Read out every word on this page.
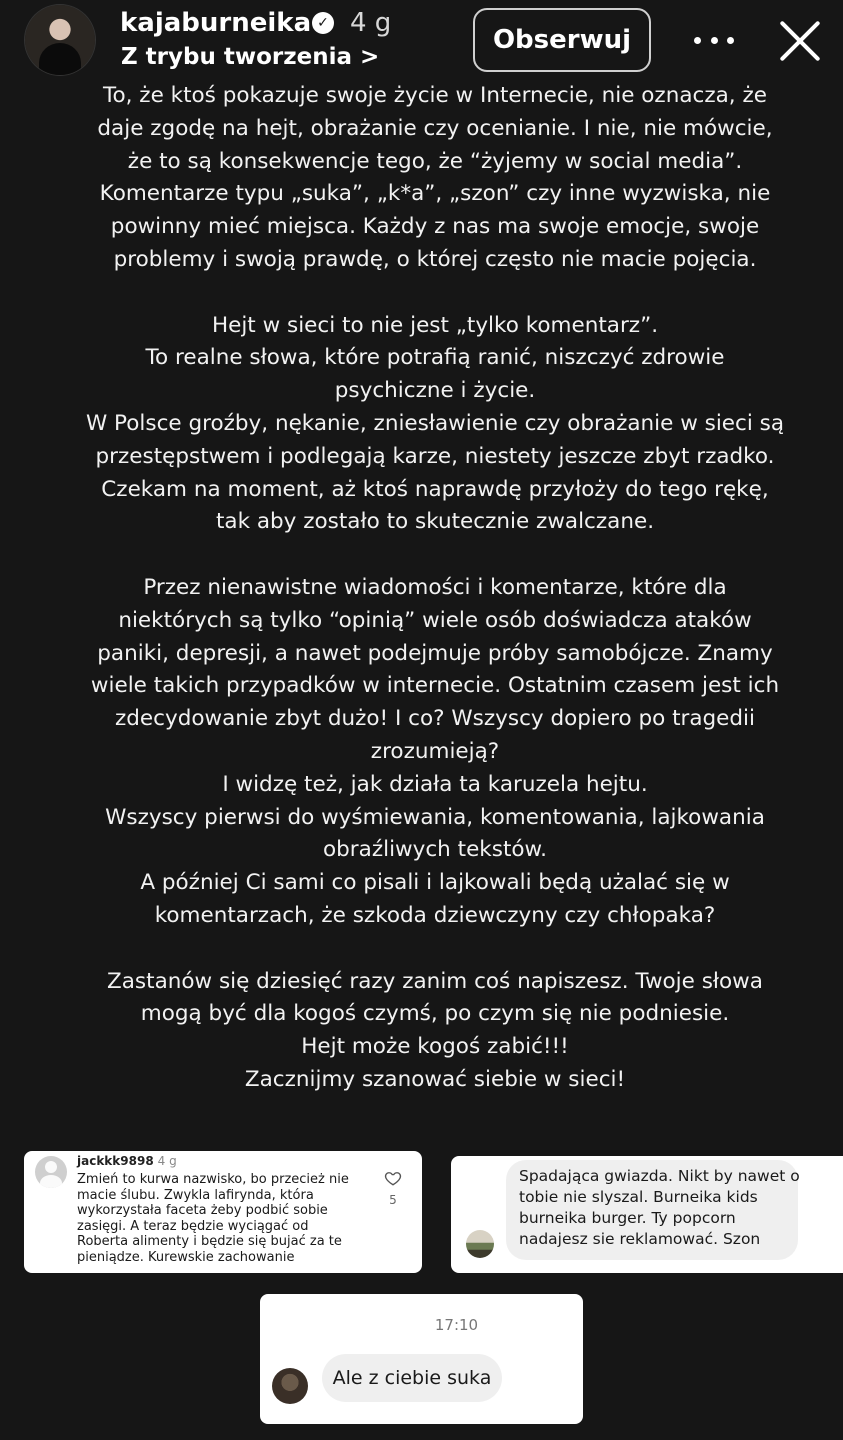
kajaburneika ✓ 4 g
Z trybu tworzenia >
Obserwuj

To, że ktoś pokazuje swoje życie w Internecie, nie oznacza, że

daje zgodę na hejt, obrażanie czy ocenianie. I nie, nie mówcie,

że to są konsekwencje tego, że “żyjemy w social media”.

Komentarze typu „suka”, „k*a”, „szon” czy inne wyzwiska, nie

powinny mieć miejsca. Każdy z nas ma swoje emocje, swoje

problemy i swoją prawdę, o której często nie macie pojęcia.

Hejt w sieci to nie jest „tylko komentarz”.

To realne słowa, które potrafią ranić, niszczyć zdrowie

psychiczne i życie.

W Polsce groźby, nękanie, zniesławienie czy obrażanie w sieci są

przestępstwem i podlegają karze, niestety jeszcze zbyt rzadko.

Czekam na moment, aż ktoś naprawdę przyłoży do tego rękę,

tak aby zostało to skutecznie zwalczane.

Przez nienawistne wiadomości i komentarze, które dla

niektórych są tylko “opinią” wiele osób doświadcza ataków

paniki, depresji, a nawet podejmuje próby samobójcze. Znamy

wiele takich przypadków w internecie. Ostatnim czasem jest ich

zdecydowanie zbyt dużo! I co? Wszyscy dopiero po tragedii

zrozumieją?

I widzę też, jak działa ta karuzela hejtu.

Wszyscy pierwsi do wyśmiewania, komentowania, lajkowania

obraźliwych tekstów.

A później Ci sami co pisali i lajkowali będą użalać się w

komentarzach, że szkoda dziewczyny czy chłopaka?

Zastanów się dziesięć razy zanim coś napiszesz. Twoje słowa

mogą być dla kogoś czymś, po czym się nie podniesie.

Hejt może kogoś zabić!!!

Zacznijmy szanować siebie w sieci!

jackkk9898 4 g
Zmień to kurwa nazwisko, bo przecież nie macie ślubu. Zwykla lafirynda, która wykorzystała faceta żeby podbić sobie zasięgi. A teraz będzie wyciągać od Roberta alimenty i będzie się bujać za te pieniądze. Kurewskie zachowanie
5
Spadająca gwiazda. Nikt by nawet o tobie nie slyszal. Burneika kids burneika burger. Ty popcorn nadajesz sie reklamować. Szon
17:10
Ale z ciebie suka
